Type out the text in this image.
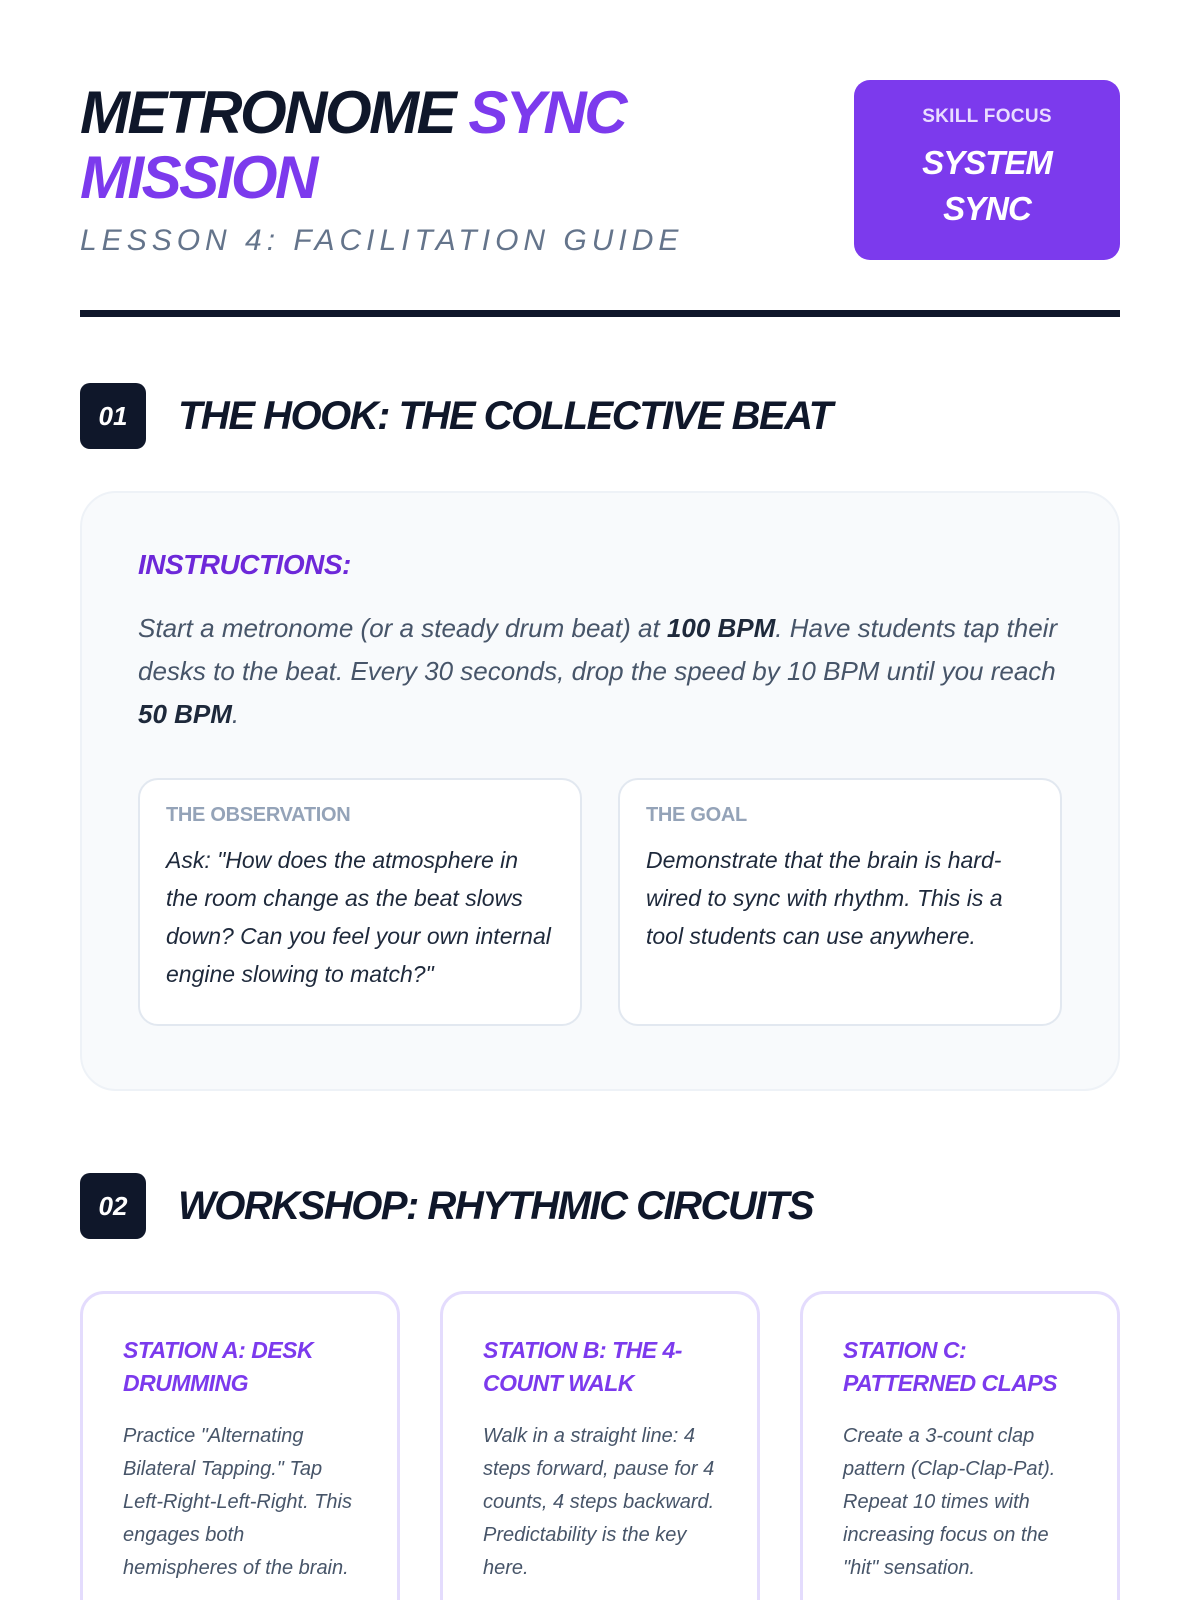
METRONOME SYNC
MISSION
LESSON 4: FACILITATION GUIDE
SKILL FOCUS
SYSTEM SYNC
01	THE HOOK: THE COLLECTIVE BEAT
INSTRUCTIONS:
Start a metronome (or a steady drum beat) at 100 BPM. Have students tap their desks to the beat. Every 30 seconds, drop the speed by 10 BPM until you reach 50 BPM.
THE OBSERVATION
Ask: "How does the atmosphere in the room change as the beat slows down? Can you feel your own internal engine slowing to match?"
THE GOAL
Demonstrate that the brain is hard-wired to sync with rhythm. This is a tool students can use anywhere.
02	WORKSHOP: RHYTHMIC CIRCUITS
STATION A: DESK DRUMMING
Practice "Alternating Bilateral Tapping." Tap Left-Right-Left-Right. This engages both hemispheres of the brain.
STATION B: THE 4-COUNT WALK
Walk in a straight line: 4 steps forward, pause for 4 counts, 4 steps backward. Predictability is the key here.
STATION C: PATTERNED CLAPS
Create a 3-count clap pattern (Clap-Clap-Pat). Repeat 10 times with increasing focus on the "hit" sensation.
